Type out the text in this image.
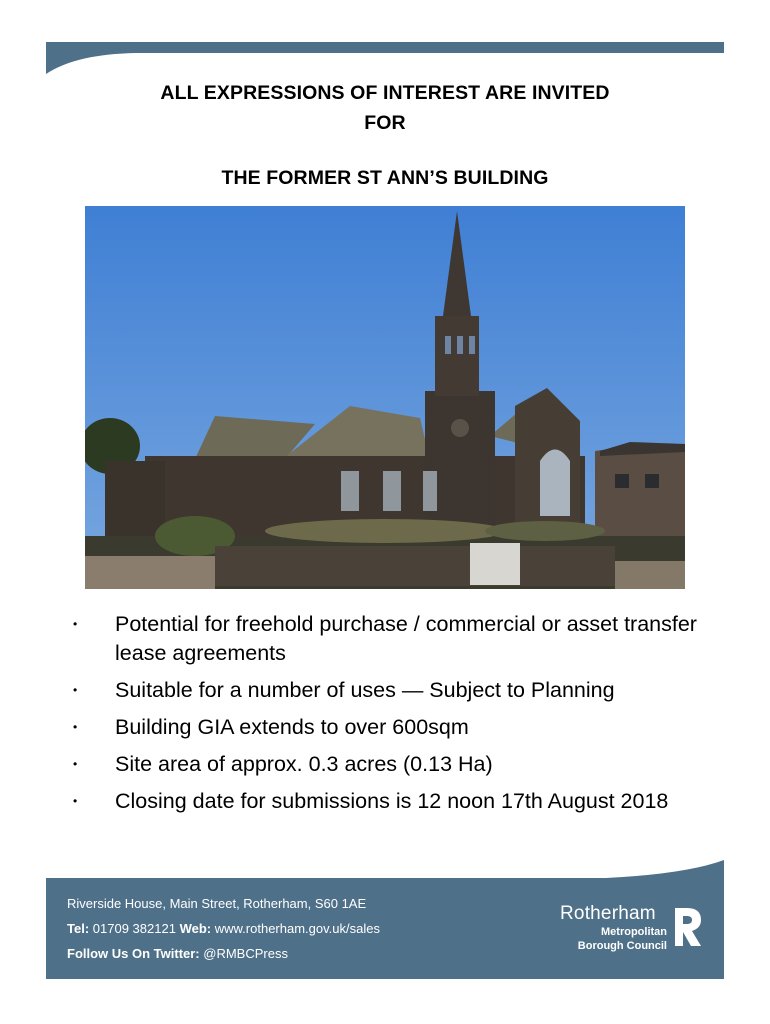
ALL EXPRESSIONS OF INTEREST ARE INVITED
FOR
THE FORMER ST ANN’S BUILDING
• Potential for freehold purchase / commercial or asset transfer lease agreements
• Suitable for a number of uses — Subject to Planning
• Building GIA extends to over 600sqm
• Site area of approx. 0.3 acres (0.13 Ha)
• Closing date for submissions is 12 noon 17th August 2018
Riverside House, Main Street, Rotherham, S60 1AE
Tel: 01709 382121 Web: www.rotherham.gov.uk/sales
Follow Us On Twitter: @RMBCPress
Rotherham
Metropolitan
Borough Council
